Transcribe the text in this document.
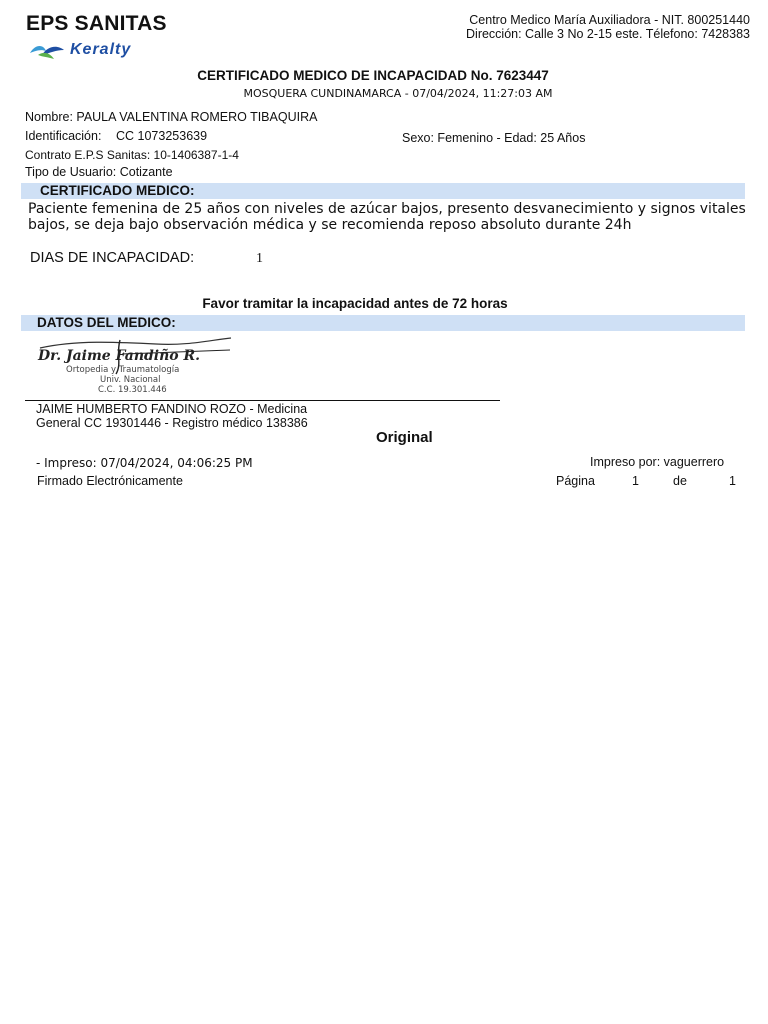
EPS SANITAS
Keralty
Centro Medico María Auxiliadora - NIT. 800251440
Dirección: Calle 3 No 2-15 este. Télefono: 7428383
CERTIFICADO MEDICO DE INCAPACIDAD No. 7623447
MOSQUERA CUNDINAMARCA - 07/04/2024, 11:27:03 AM
Nombre: PAULA VALENTINA ROMERO TIBAQUIRA
Identificación: CC 1073253639	Sexo: Femenino - Edad: 25 Años
Contrato E.P.S Sanitas: 10-1406387-1-4
Tipo de Usuario: Cotizante
CERTIFICADO MEDICO:
Paciente femenina de 25 años con niveles de azúcar bajos, presento desvanecimiento y signos vitales bajos, se deja bajo observación médica y se recomienda reposo absoluto durante 24h
DIAS DE INCAPACIDAD:	1
Favor tramitar la incapacidad antes de 72 horas
DATOS DEL MEDICO:
Dr. Jaime Fandiño R.
Ortopedia y Traumatología
Univ. Nacional
C.C. 19.301.446
JAIME HUMBERTO FANDINO ROZO - Medicina
General CC 19301446 - Registro médico 138386
Original
- Impreso: 07/04/2024, 04:06:25 PM	Impreso por: vaguerrero
Firmado Electrónicamente	Página	1	de	1
